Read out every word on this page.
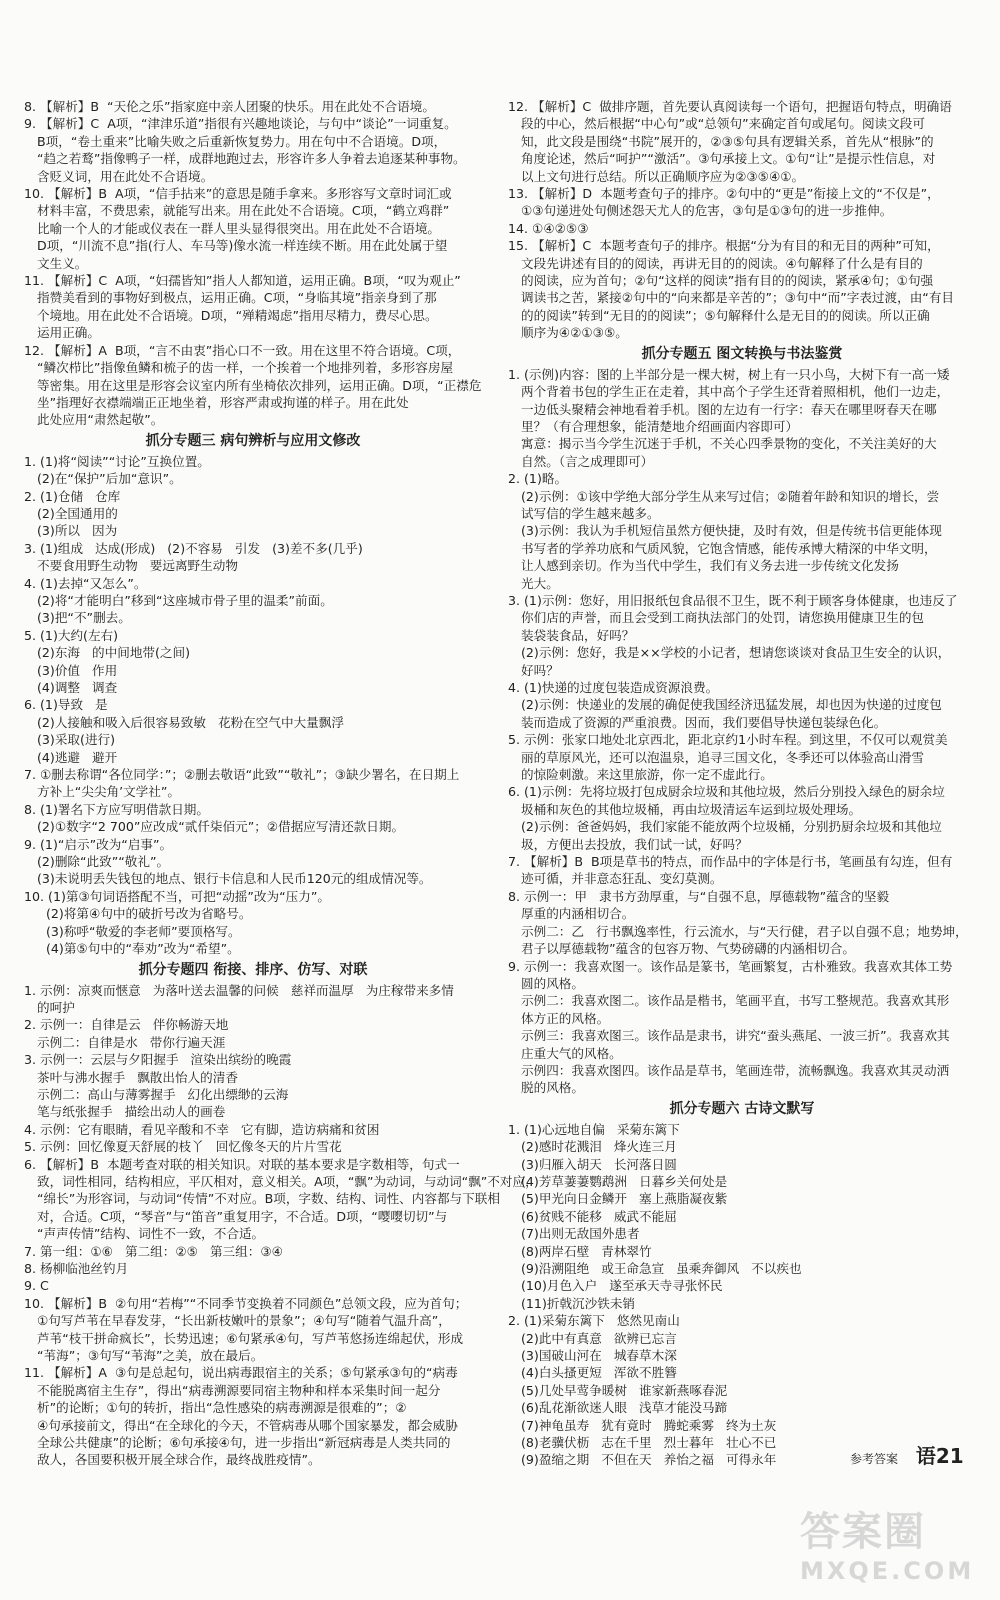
8. 【解析】B  “天伦之乐”指家庭中亲人团聚的快乐。用在此处不合语境。
9. 【解析】C  A项，“津津乐道”指很有兴趣地谈论，与句中“谈论”一词重复。
B项，“卷土重来”比喻失败之后重新恢复势力。用在句中不合语境。D项，
“趋之若鹜”指像鸭子一样，成群地跑过去，形容许多人争着去追逐某种事物。
含贬义词，用在此处不合语境。
10. 【解析】B  A项，“信手拈来”的意思是随手拿来。多形容写文章时词汇或
材料丰富，不费思索，就能写出来。用在此处不合语境。C项，“鹤立鸡群”
比喻一个人的才能或仪表在一群人里头显得很突出。用在此处不合语境。
D项，“川流不息”指(行人、车马等)像水流一样连续不断。用在此处属于望
文生义。
11. 【解析】C  A项，“妇孺皆知”指人人都知道，运用正确。B项，“叹为观止”
指赞美看到的事物好到极点，运用正确。C项，“身临其境”指亲身到了那
个境地。用在此处不合语境。D项，“殚精竭虑”指用尽精力，费尽心思。
运用正确。
12. 【解析】A  B项，“言不由衷”指心口不一致。用在这里不符合语境。C项，
“鳞次栉比”指像鱼鳞和梳子的齿一样，一个挨着一个地排列着，多形容房屋
等密集。用在这里是形容会议室内所有坐椅依次排列，运用正确。D项，“正襟危
坐”指理好衣襟端端正正地坐着，形容严肃或拘谨的样子。用在此处
此处应用“肃然起敬”。
抓分专题三 病句辨析与应用文修改
1. (1)将“阅读”“讨论”互换位置。
(2)在“保护”后加“意识”。
2. (1)仓储   仓库
(2)全国通用的
(3)所以   因为
3. (1)组成   达成(形成)   (2)不容易   引发   (3)差不多(几乎)
不要食用野生动物   要远离野生动物
4. (1)去掉“又怎么”。
(2)将“才能明白”移到“这座城市骨子里的温柔”前面。
(3)把“不”删去。
5. (1)大约(左右)
(2)东海   的中间地带(之间)
(3)价值   作用
(4)调整   调查
6. (1)导致   是
(2)人接触和吸入后很容易致敏   花粉在空气中大量飘浮
(3)采取(进行)
(4)逃避   避开
7. ①删去称谓“各位同学：”；②删去敬语“此致”“敬礼”；③缺少署名，在日期上
方补上“尖尖角’文学社”。
8. (1)署名下方应写明借款日期。
(2)①数字“2 700”应改成“贰仟柒佰元”；②借据应写清还款日期。
9. (1)“启示”改为“启事”。
(2)删除“此致”“敬礼”。
(3)未说明丢失钱包的地点、银行卡信息和人民币120元的组成情况等。
10. (1)第③句词语搭配不当，可把“动摇”改为“压力”。
(2)将第④句中的破折号改为省略号。
(3)称呼“敬爱的李老师”要顶格写。
(4)第⑤句中的“奉劝”改为“希望”。
抓分专题四 衔接、排序、仿写、对联
1. 示例：凉爽而惬意   为落叶送去温馨的问候   慈祥而温厚   为庄稼带来多情
的呵护
2. 示例一：自律是云   伴你畅游天地
示例二：自律是水   带你行遍天涯
3. 示例一：云层与夕阳握手   渲染出缤纷的晚霞
茶叶与沸水握手   飘散出怡人的清香
示例二：高山与薄雾握手   幻化出缥缈的云海
笔与纸张握手   描绘出动人的画卷
4. 示例：它有眼睛，看见辛酸和不幸   它有脚，造访病痛和贫困
5. 示例：回忆像夏天舒展的枝丫   回忆像冬天的片片雪花
6. 【解析】B  本题考查对联的相关知识。对联的基本要求是字数相等，句式一
致，词性相同，结构相应，平仄相对，意义相关。A项，“飘”为动词，与动词“飘”不对应，
“绵长”为形容词，与动词“传情”不对应。B项，字数、结构、词性、内容都与下联相
对，合适。C项，“琴音”与“笛音”重复用字，不合适。D项，“嘤嘤切切”与
“声声传情”结构、词性不一致，不合适。
7. 第一组：①⑥   第二组：②⑤   第三组：③④
8. 杨柳临池丝钓月
9. C
10. 【解析】B  ②句用“若梅”“不同季节变换着不同颜色”总领文段，应为首句；
①句写芦苇在早春发芽，“长出新枝嫩叶的景象”；④句写“随着气温升高”，
芦苇“枝干拼命疯长”，长势迅速；⑥句紧承④句，写芦苇悠扬连绵起伏，形成
“苇海”；③句写“苇海”之美，放在最后。
11. 【解析】A  ③句是总起句，说出病毒跟宿主的关系；⑤句紧承③句的“病毒
不能脱离宿主生存”，得出“病毒溯源要同宿主物种和样本采集时间一起分
析”的论断；①句的转折，指出“急性感染的病毒溯源是很难的”；②
④句承接前文，得出“在全球化的今天，不管病毒从哪个国家暴发，都会威胁
全球公共健康”的论断；⑥句承接④句，进一步指出“新冠病毒是人类共同的
敌人，各国要积极开展全球合作，最终战胜疫情”。
12. 【解析】C  做排序题，首先要认真阅读每一个语句，把握语句特点，明确语
段的中心，然后根据“中心句”或“总领句”来确定首句或尾句。阅读文段可
知，此文段是围绕“书院”展开的，②③⑤句具有逻辑关系，首先从“根脉”的
角度论述，然后“呵护”“激活”。③句承接上文。①句“让”是提示性信息，对
以上文句进行总结。所以正确顺序应为②③⑤④①。
13. 【解析】D  本题考查句子的排序。②句中的“更是”衔接上文的“不仅是”，
①③句递进处句侧述怨天尤人的危害，③句是①③句的进一步推伸。
14. ①④②⑤③
15. 【解析】C  本题考查句子的排序。根据“分为有目的和无目的两种”可知，
文段先讲述有目的的阅读，再讲无目的的阅读。④句解释了什么是有目的
的阅读，应为首句；②句“这样的阅读”指有目的的阅读，紧承④句；①句强
调读书之苦，紧接②句中的“向来都是辛苦的”；③句中“而”字表过渡，由“有目
的的阅读”转到“无目的的阅读”；⑤句解释什么是无目的的阅读。所以正确
顺序为④②①③⑤。
抓分专题五 图文转换与书法鉴赏
1. (示例)内容：图的上半部分是一棵大树，树上有一只小鸟，大树下有一高一矮
两个背着书包的学生正在走着，其中高个子学生还背着照相机，他们一边走，
一边低头聚精会神地看着手机。图的左边有一行字：春天在哪里呀春天在哪
里？（有合理想象，能清楚地介绍画面内容即可）
寓意：揭示当今学生沉迷于手机，不关心四季景物的变化，不关注美好的大
自然。（言之成理即可）
2. (1)略。
(2)示例：①该中学绝大部分学生从来写过信；②随着年龄和知识的增长，尝
试写信的学生越来越多。
(3)示例：我认为手机短信虽然方便快捷，及时有效，但是传统书信更能体现
书写者的学养功底和气质风貌，它饱含情感，能传承博大精深的中华文明，
让人感到亲切。作为当代中学生，我们有义务去进一步传统文化发扬
光大。
3. (1)示例：您好，用旧报纸包食品很不卫生，既不利于顾客身体健康，也违反了
你们店的声誉，而且会受到工商执法部门的处罚，请您换用健康卫生的包
装袋装食品，好吗？
(2)示例：您好，我是××学校的小记者，想请您谈谈对食品卫生安全的认识，
好吗？
4. (1)快递的过度包装造成资源浪费。
(2)示例：快递业的发展的确促使我国经济迅猛发展，却也因为快递的过度包
装而造成了资源的严重浪费。因而，我们要倡导快递包装绿色化。
5. 示例：张家口地处北京西北，距北京约1小时车程。到这里，不仅可以观赏美
丽的草原风光，还可以泡温泉，追寻三国文化，冬季还可以体验高山滑雪
的惊险刺激。来这里旅游，你一定不虚此行。
6. (1)示例：先将垃圾打包成厨余垃圾和其他垃圾，然后分别投入绿色的厨余垃
圾桶和灰色的其他垃圾桶，再由垃圾清运车运到垃圾处理场。
(2)示例：爸爸妈妈，我们家能不能放两个垃圾桶，分别扔厨余垃圾和其他垃
圾，方便出去投放，我们试一试，好吗？
7. 【解析】B  B项是草书的特点，而作品中的字体是行书，笔画虽有勾连，但有
迹可循，并非意态狂乱、变幻莫测。
8. 示例一：甲   隶书方劲厚重，与“自强不息，厚德载物”蕴含的坚毅
厚重的内涵相切合。
示例二：乙   行书飘逸率性，行云流水，与“天行健，君子以自强不息；地势坤，
君子以厚德载物”蕴含的包容万物、气势磅礴的内涵相切合。
9. 示例一：我喜欢图一。该作品是篆书，笔画繁复，古朴雅致。我喜欢其体工势
圆的风格。
示例二：我喜欢图二。该作品是楷书，笔画平直，书写工整规范。我喜欢其形
体方正的风格。
示例三：我喜欢图三。该作品是隶书，讲究“蚕头燕尾、一波三折”。我喜欢其
庄重大气的风格。
示例四：我喜欢图四。该作品是草书，笔画连带，流畅飘逸。我喜欢其灵动洒
脱的风格。
抓分专题六 古诗文默写
1. (1)心远地自偏   采菊东篱下
(2)感时花溅泪   烽火连三月
(3)归雁入胡天   长河落日圆
(4)芳草萋萋鹦鹉洲   日暮乡关何处是
(5)甲光向日金鳞开   塞上燕脂凝夜紫
(6)贫贱不能移   威武不能屈
(7)出则无敌国外患者
(8)两岸石壁   青林翠竹
(9)沿溯阻绝   或王命急宣   虽乘奔御风   不以疾也
(10)月色入户   遂至承天寺寻张怀民
(11)折戟沉沙铁未销
2. (1)采菊东篱下   悠然见南山
(2)此中有真意   欲辨已忘言
(3)国破山河在   城春草木深
(4)白头搔更短   浑欲不胜簪
(5)几处早莺争暖树   谁家新燕啄春泥
(6)乱花渐欲迷人眼   浅草才能没马蹄
(7)神龟虽寿   犹有竟时   腾蛇乘雾   终为土灰
(8)老骥伏枥   志在千里   烈士暮年   壮心不已
(9)盈缩之期   不但在天   养怡之福   可得永年	参考答案 语21
答案圈
MXQE.COM
